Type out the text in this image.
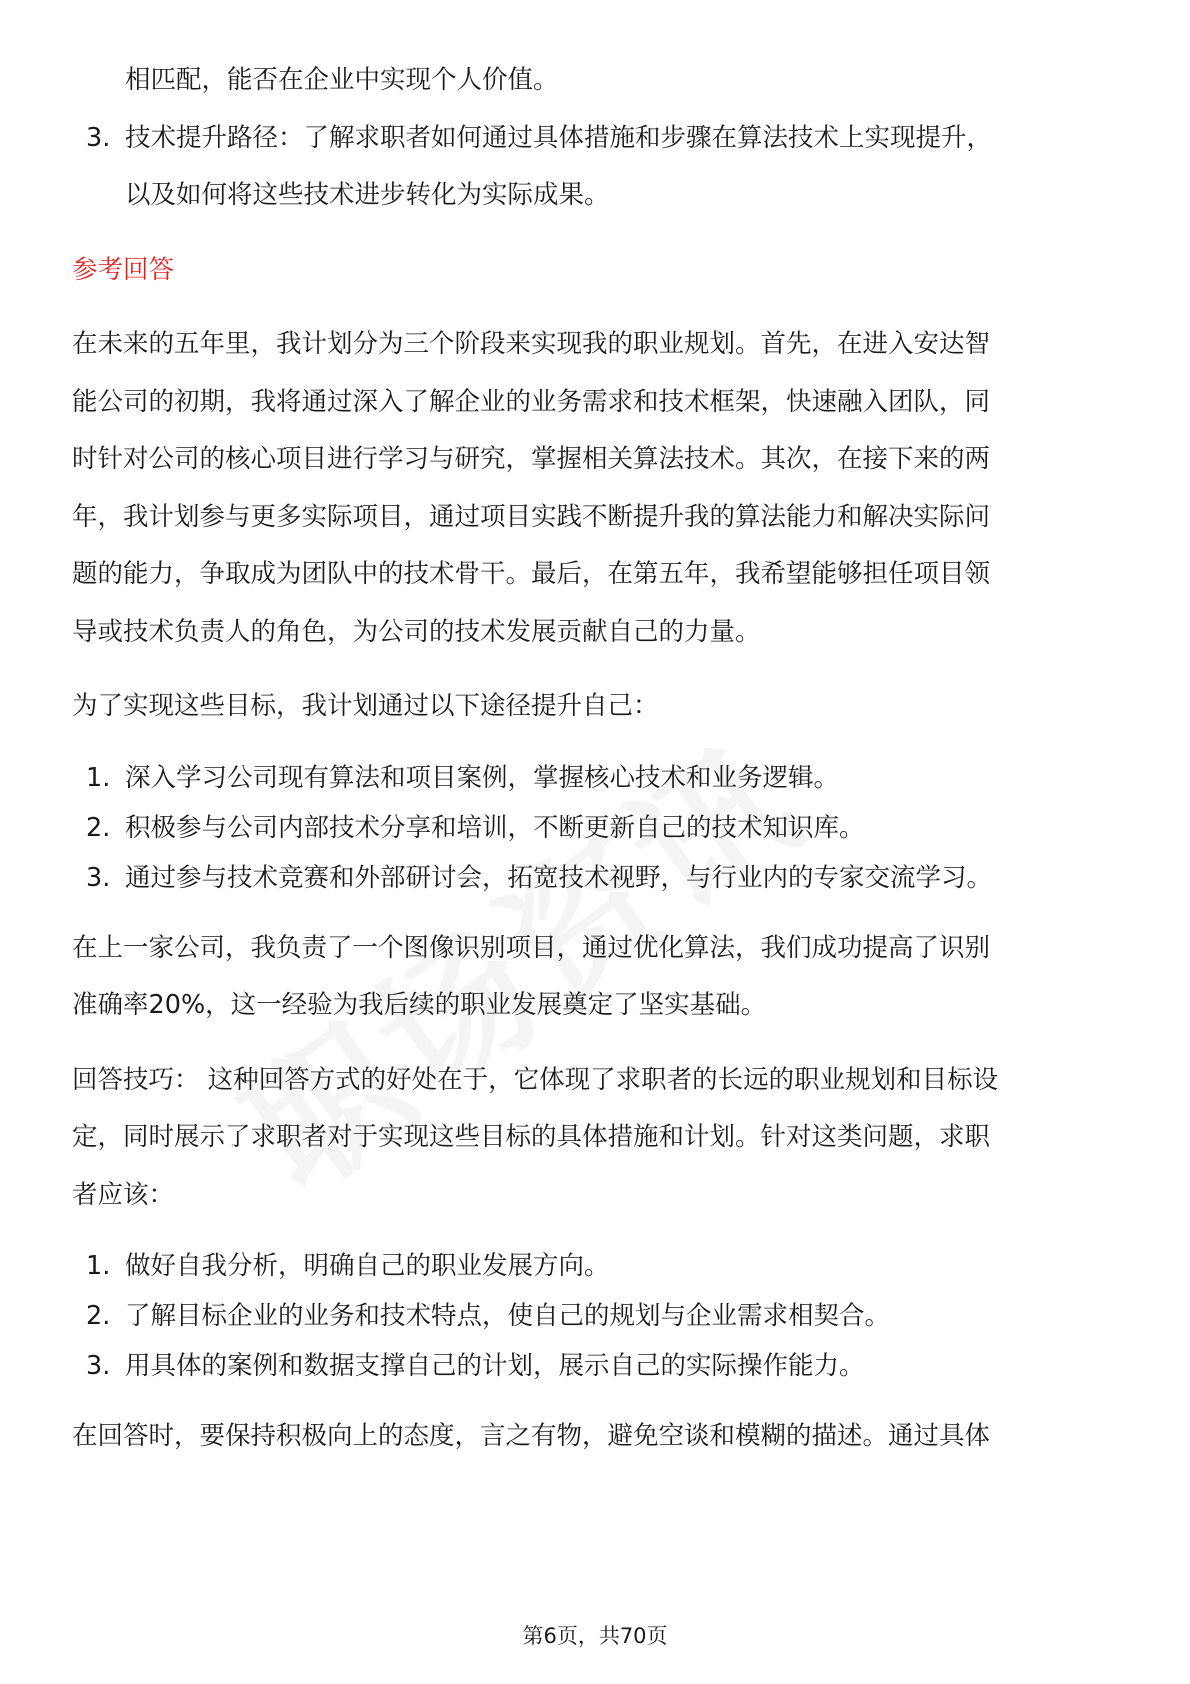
相匹配，能否在企业中实现个人价值。

3. 技术提升路径：了解求职者如何通过具体措施和步骤在算法技术上实现提升，
以及如何将这些技术进步转化为实际成果。

参考回答

在未来的五年里，我计划分为三个阶段来实现我的职业规划。首先，在进入安达智

能公司的初期，我将通过深入了解企业的业务需求和技术框架，快速融入团队，同

时针对公司的核心项目进行学习与研究，掌握相关算法技术。其次，在接下来的两

年，我计划参与更多实际项目，通过项目实践不断提升我的算法能力和解决实际问

题的能力，争取成为团队中的技术骨干。最后，在第五年，我希望能够担任项目领

导或技术负责人的角色，为公司的技术发展贡献自己的力量。

为了实现这些目标，我计划通过以下途径提升自己：

1. 深入学习公司现有算法和项目案例，掌握核心技术和业务逻辑。
2. 积极参与公司内部技术分享和培训，不断更新自己的技术知识库。
3. 通过参与技术竞赛和外部研讨会，拓宽技术视野，与行业内的专家交流学习。

在上一家公司，我负责了一个图像识别项目，通过优化算法，我们成功提高了识别

准确率20%，这一经验为我后续的职业发展奠定了坚实基础。

回答技巧： 这种回答方式的好处在于，它体现了求职者的长远的职业规划和目标设

定，同时展示了求职者对于实现这些目标的具体措施和计划。针对这类问题，求职

者应该：

1. 做好自我分析，明确自己的职业发展方向。
2. 了解目标企业的业务和技术特点，使自己的规划与企业需求相契合。
3. 用具体的案例和数据支撑自己的计划，展示自己的实际操作能力。

在回答时，要保持积极向上的态度，言之有物，避免空谈和模糊的描述。通过具体

第6页，共70页
